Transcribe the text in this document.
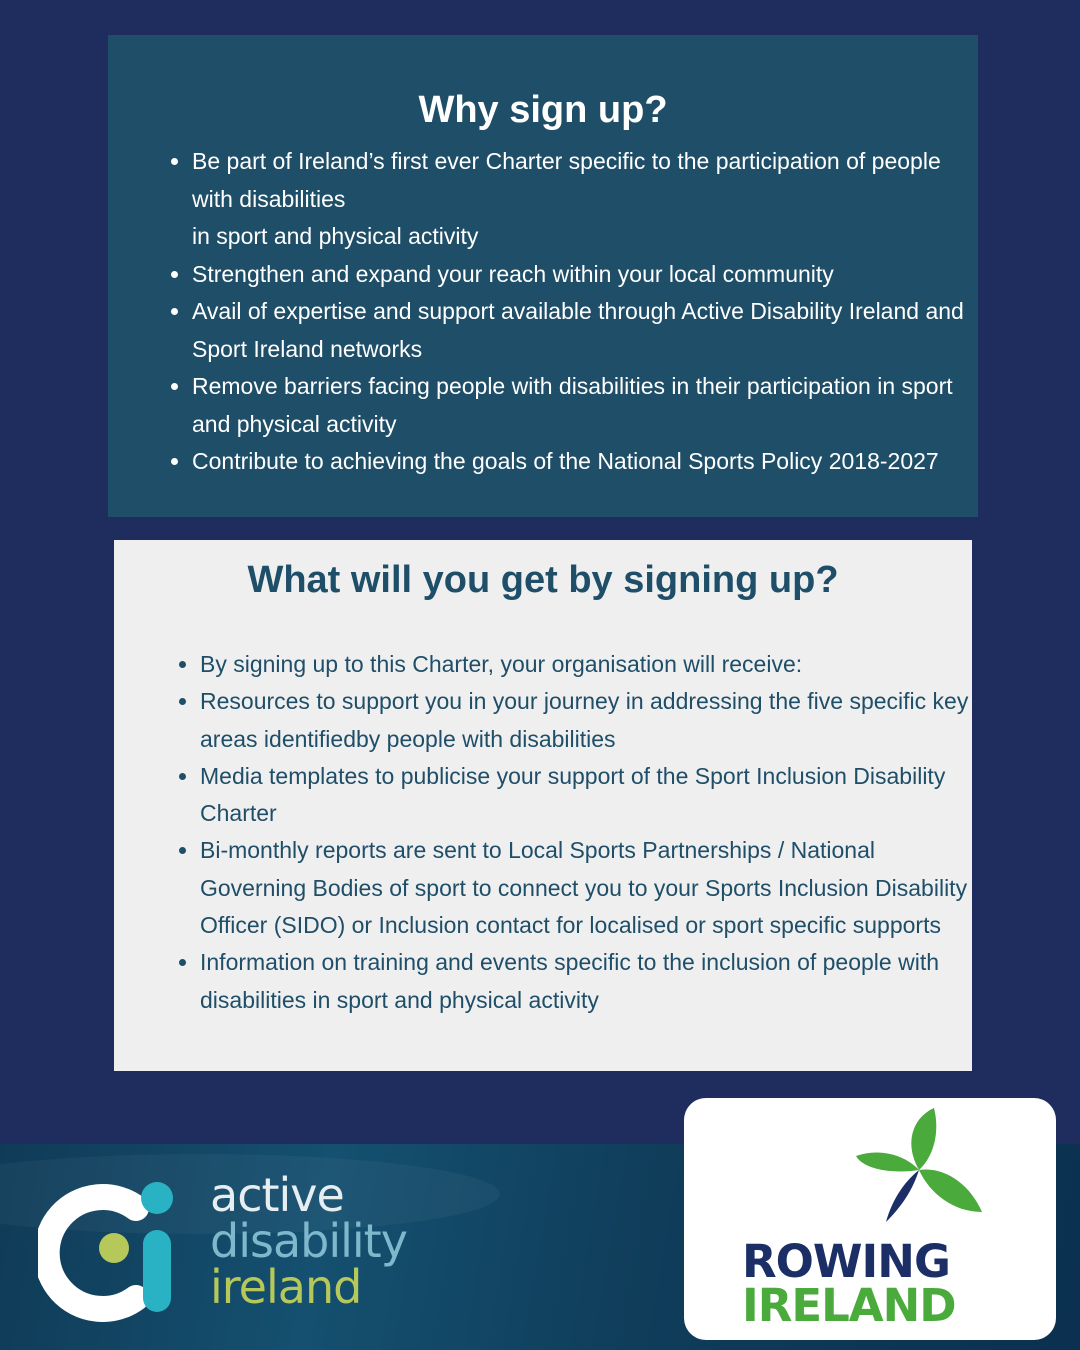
Why sign up?
• Be part of Ireland’s first ever Charter specific to the participation of people with disabilities
in sport and physical activity
• Strengthen and expand your reach within your local community
• Avail of expertise and support available through Active Disability Ireland and Sport Ireland networks
• Remove barriers facing people with disabilities in their participation in sport and physical activity
• Contribute to achieving the goals of the National Sports Policy 2018-2027
What will you get by signing up?
• By signing up to this Charter, your organisation will receive:
• Resources to support you in your journey in addressing the five specific key areas identifiedby people with disabilities
• Media templates to publicise your support of the Sport Inclusion Disability Charter
• Bi-monthly reports are sent to Local Sports Partnerships / National Governing Bodies of sport to connect you to your Sports Inclusion Disability Officer (SIDO) or Inclusion contact for localised or sport specific supports
• Information on training and events specific to the inclusion of people with disabilities in sport and physical activity
active
disability
ireland	ROWING
IRELAND
